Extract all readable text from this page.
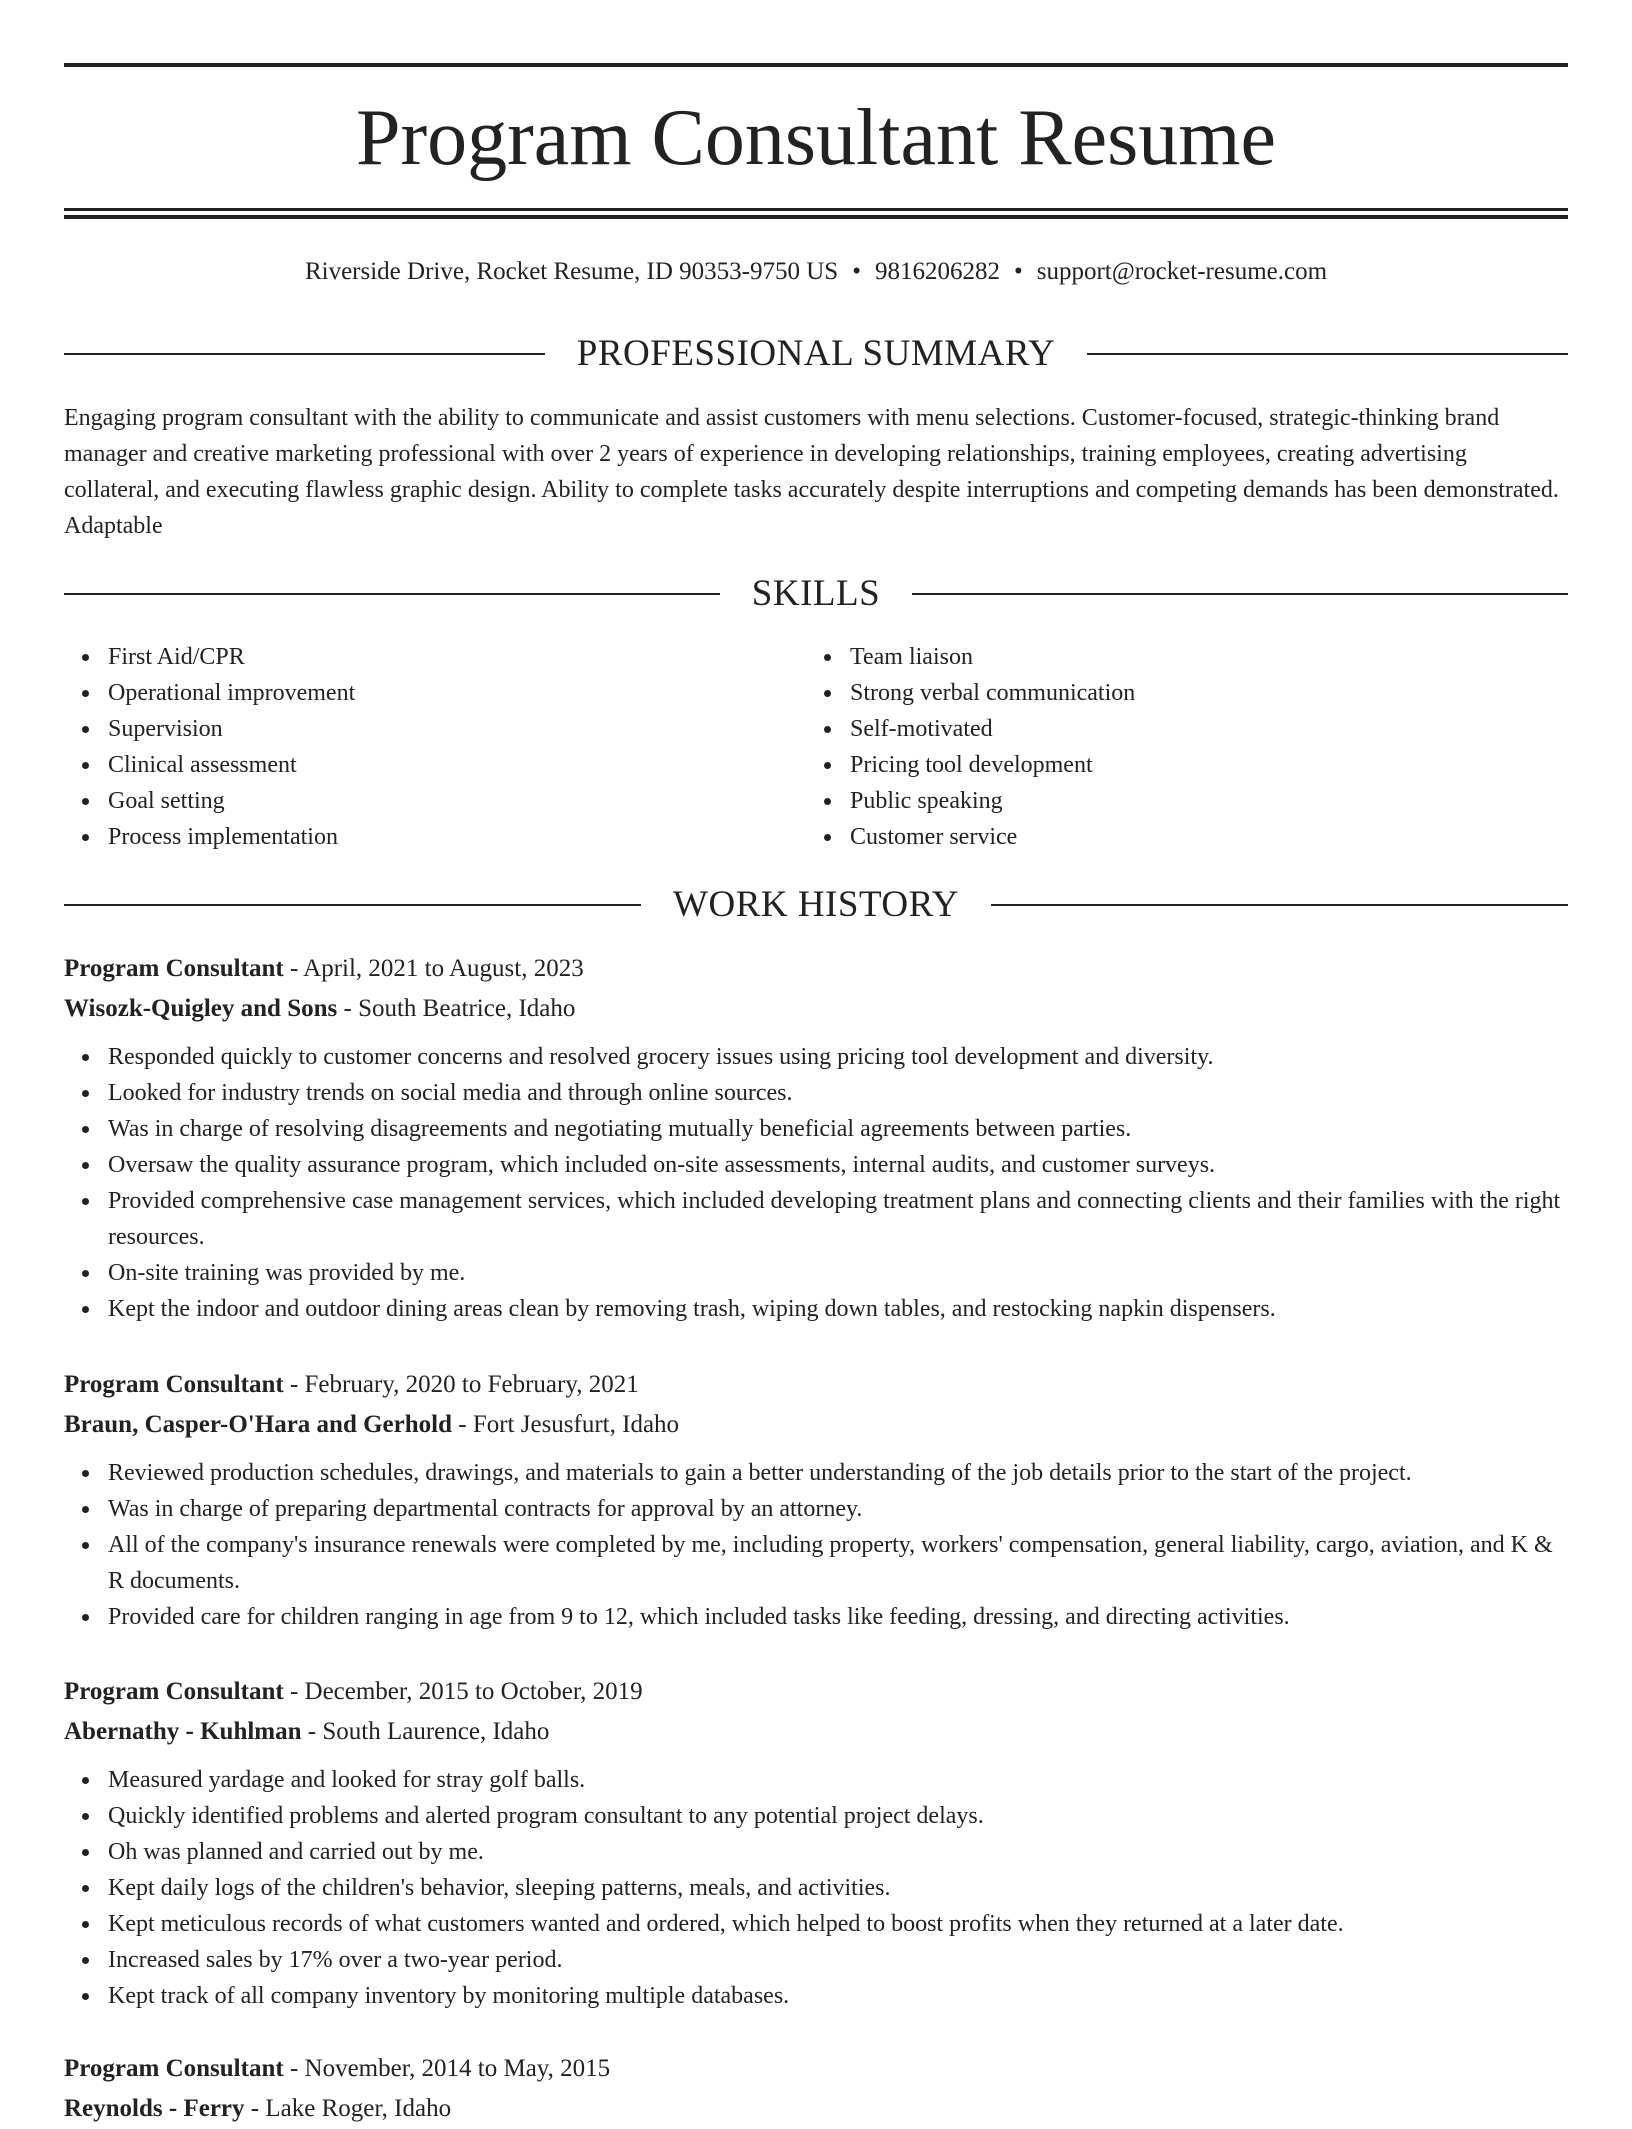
Program Consultant Resume
Riverside Drive, Rocket Resume, ID 90353-9750 US • 9816206282 • support@rocket-resume.com
PROFESSIONAL SUMMARY

Engaging program consultant with the ability to communicate and assist customers with menu selections. Customer-focused, strategic-thinking brand manager and creative marketing professional with over 2 years of experience in developing relationships, training employees, creating advertising collateral, and executing flawless graphic design. Ability to complete tasks accurately despite interruptions and competing demands has been demonstrated. Adaptable

SKILLS
First Aid/CPR
Operational improvement
Supervision
Clinical assessment
Goal setting
Process implementation
Team liaison
Strong verbal communication
Self-motivated
Pricing tool development
Public speaking
Customer service
WORK HISTORY
Program Consultant - April, 2021 to August, 2023
Wisozk-Quigley and Sons - South Beatrice, Idaho
Responded quickly to customer concerns and resolved grocery issues using pricing tool development and diversity.
Looked for industry trends on social media and through online sources.
Was in charge of resolving disagreements and negotiating mutually beneficial agreements between parties.
Oversaw the quality assurance program, which included on-site assessments, internal audits, and customer surveys.
Provided comprehensive case management services, which included developing treatment plans and connecting clients and their families with the right resources.
On-site training was provided by me.
Kept the indoor and outdoor dining areas clean by removing trash, wiping down tables, and restocking napkin dispensers.
Program Consultant - February, 2020 to February, 2021
Braun, Casper-O'Hara and Gerhold - Fort Jesusfurt, Idaho
Reviewed production schedules, drawings, and materials to gain a better understanding of the job details prior to the start of the project.
Was in charge of preparing departmental contracts for approval by an attorney.
All of the company's insurance renewals were completed by me, including property, workers' compensation, general liability, cargo, aviation, and K & R documents.
Provided care for children ranging in age from 9 to 12, which included tasks like feeding, dressing, and directing activities.
Program Consultant - December, 2015 to October, 2019
Abernathy - Kuhlman - South Laurence, Idaho
Measured yardage and looked for stray golf balls.
Quickly identified problems and alerted program consultant to any potential project delays.
Oh was planned and carried out by me.
Kept daily logs of the children's behavior, sleeping patterns, meals, and activities.
Kept meticulous records of what customers wanted and ordered, which helped to boost profits when they returned at a later date.
Increased sales by 17% over a two-year period.
Kept track of all company inventory by monitoring multiple databases.
Program Consultant - November, 2014 to May, 2015
Reynolds - Ferry - Lake Roger, Idaho
